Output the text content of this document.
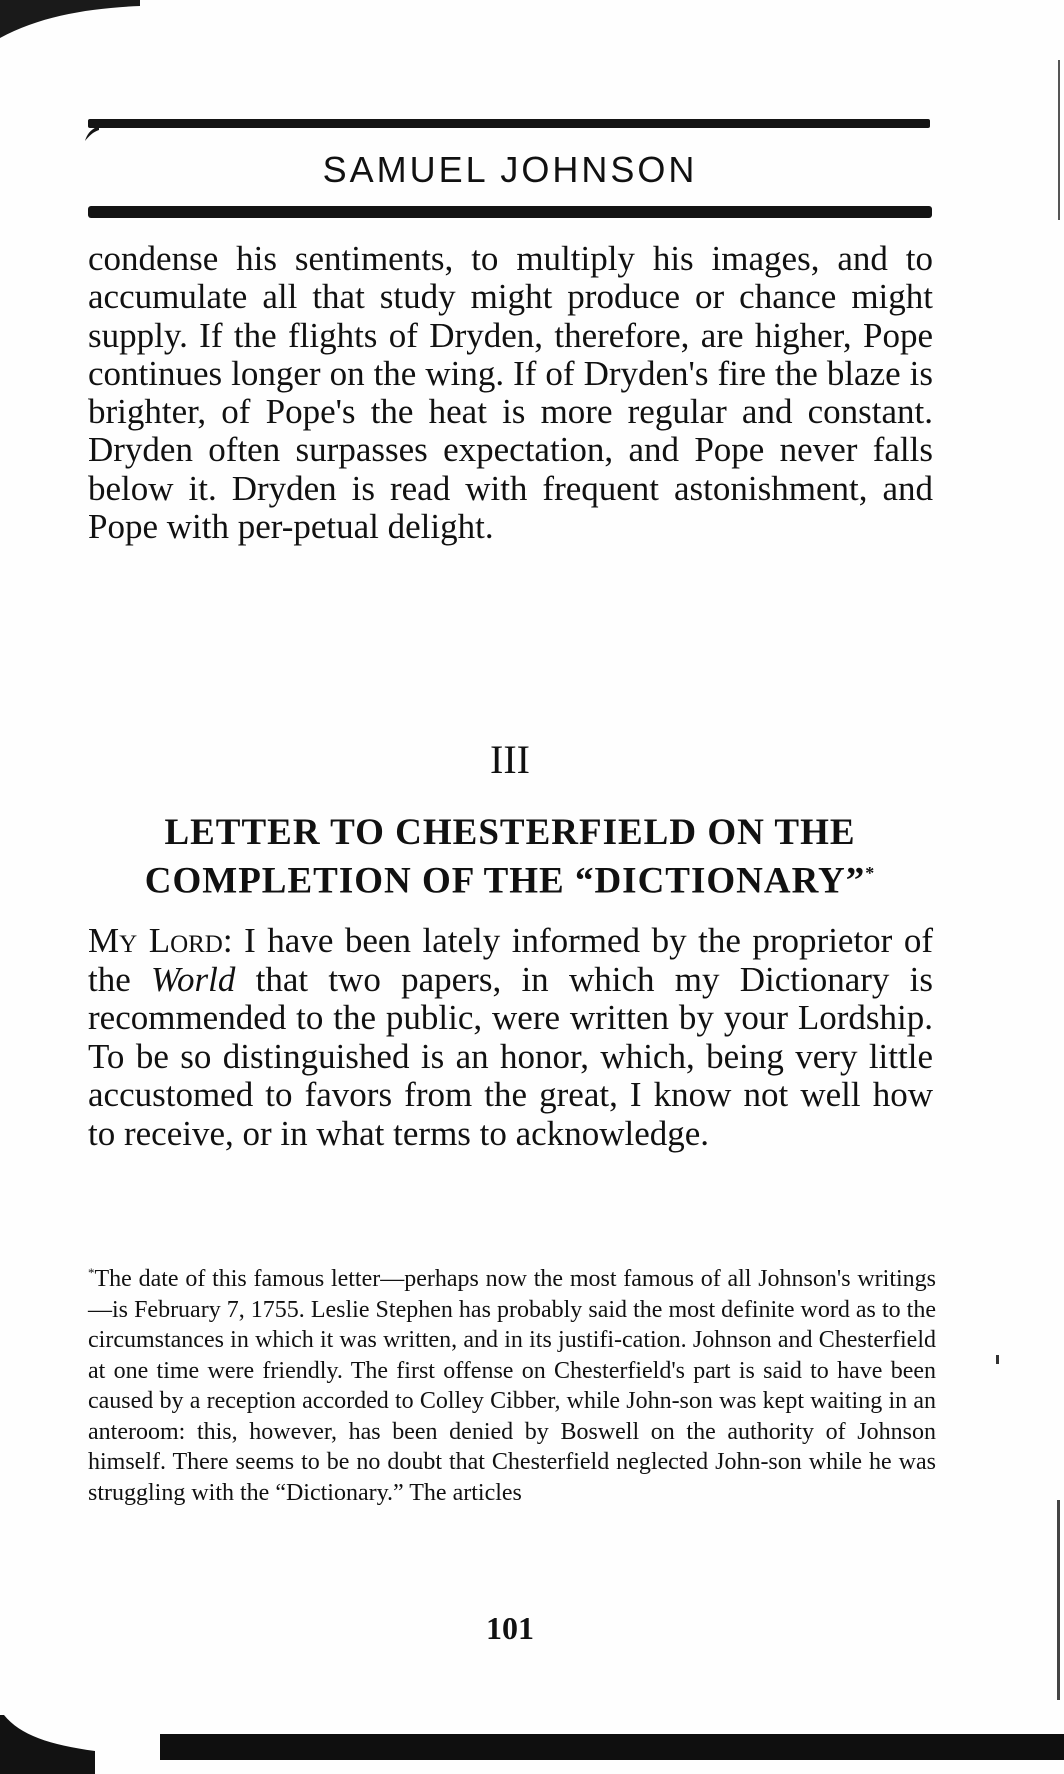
SAMUEL JOHNSON

condense his sentiments, to multiply his images, and to accumulate all that study might produce or chance might supply. If the flights of Dryden, therefore, are higher, Pope continues longer on the wing. If of Dryden's fire the blaze is brighter, of Pope's the heat is more regular and constant. Dryden often surpasses expectation, and Pope never falls below it. Dryden is read with frequent astonishment, and Pope with per-petual delight.

III
LETTER TO CHESTERFIELD ON THE
COMPLETION OF THE “DICTIONARY”*

My Lord: I have been lately informed by the proprietor of the World that two papers, in which my Dictionary is recommended to the public, were written by your Lordship. To be so distinguished is an honor, which, being very little accustomed to favors from the great, I know not well how to receive, or in what terms to acknowledge.

*The date of this famous letter—perhaps now the most famous of all Johnson's writings—is February 7, 1755. Leslie Stephen has probably said the most definite word as to the circumstances in which it was written, and in its justifi-cation. Johnson and Chesterfield at one time were friendly. The first offense on Chesterfield's part is said to have been caused by a reception accorded to Colley Cibber, while John-son was kept waiting in an anteroom: this, however, has been denied by Boswell on the authority of Johnson himself. There seems to be no doubt that Chesterfield neglected John-son while he was struggling with the “Dictionary.” The articles

101
